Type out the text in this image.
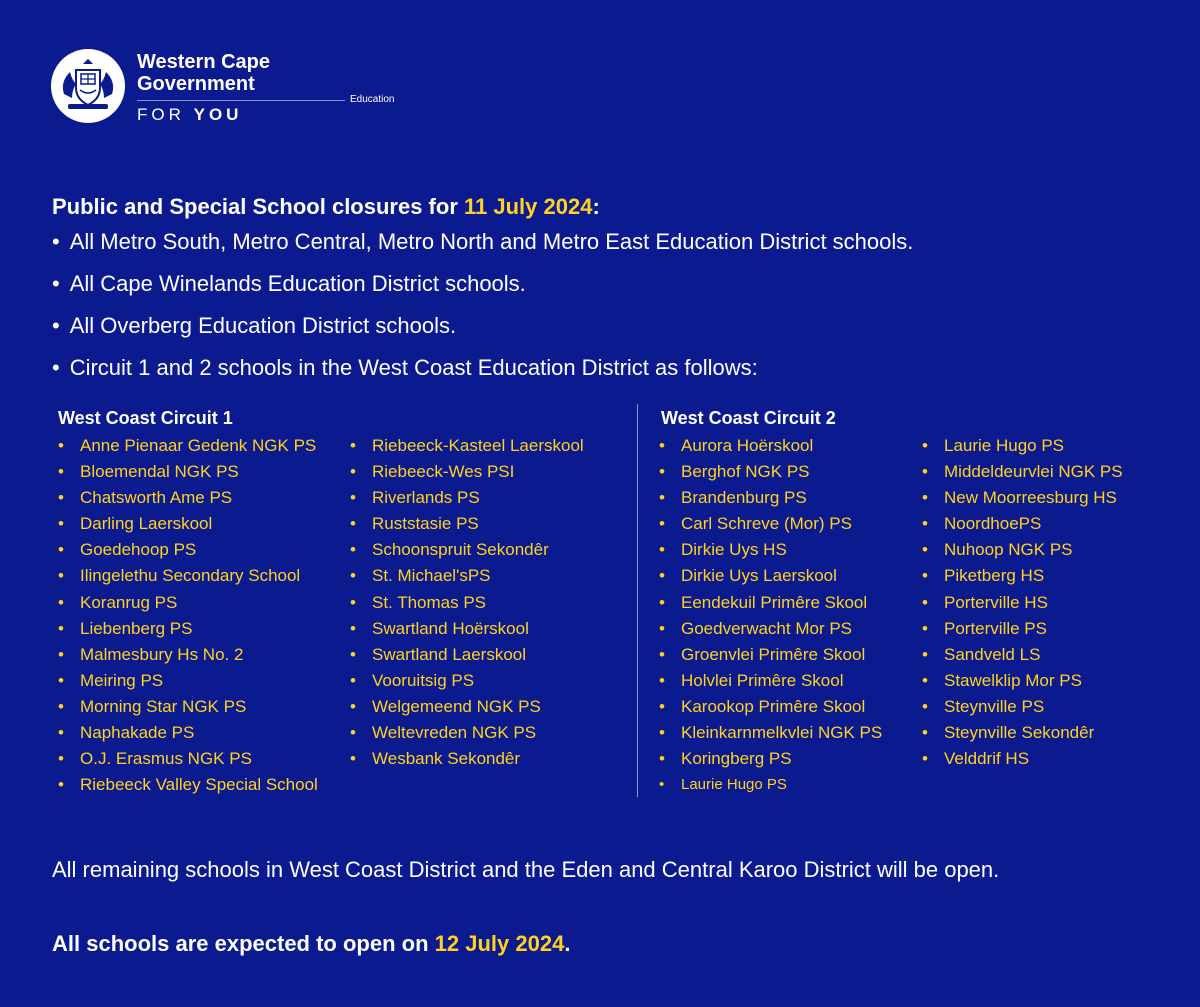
Western Cape
Government
Education
FOR YOU
Public and Special School closures for 11 July 2024:
• All Metro South, Metro Central, Metro North and Metro East Education District schools.
• All Cape Winelands Education District schools.
• All Overberg Education District schools.
• Circuit 1 and 2 schools in the West Coast Education District as follows:
West Coast Circuit 1
• Anne Pienaar Gedenk NGK PS
• Bloemendal NGK PS
• Chatsworth Ame PS
• Darling Laerskool
• Goedehoop PS
• Ilingelethu Secondary School
• Koranrug PS
• Liebenberg PS
• Malmesbury Hs No. 2
• Meiring PS
• Morning Star NGK PS
• Naphakade PS
• O.J. Erasmus NGK PS
• Riebeeck Valley Special School
• Riebeeck-Kasteel Laerskool
• Riebeeck-Wes PSI
• Riverlands PS
• Ruststasie PS
• Schoonspruit Sekondêr
• St. Michael'sPS
• St. Thomas PS
• Swartland Hoërskool
• Swartland Laerskool
• Vooruitsig PS
• Welgemeend NGK PS
• Weltevreden NGK PS
• Wesbank Sekondêr
West Coast Circuit 2
• Aurora Hoërskool
• Berghof NGK PS
• Brandenburg PS
• Carl Schreve (Mor) PS
• Dirkie Uys HS
• Dirkie Uys Laerskool
• Eendekuil Primêre Skool
• Goedverwacht Mor PS
• Groenvlei Primêre Skool
• Holvlei Primêre Skool
• Karookop Primêre Skool
• Kleinkarnmelkvlei NGK PS
• Koringberg PS
• Laurie Hugo PS
• Laurie Hugo PS
• Middeldeurvlei NGK PS
• New Moorreesburg HS
• NoordhoePS
• Nuhoop NGK PS
• Piketberg HS
• Porterville HS
• Porterville PS
• Sandveld LS
• Stawelklip Mor PS
• Steynville PS
• Steynville Sekondêr
• Velddrif HS
All remaining schools in West Coast District and the Eden and Central Karoo District will be open.
All schools are expected to open on 12 July 2024.
